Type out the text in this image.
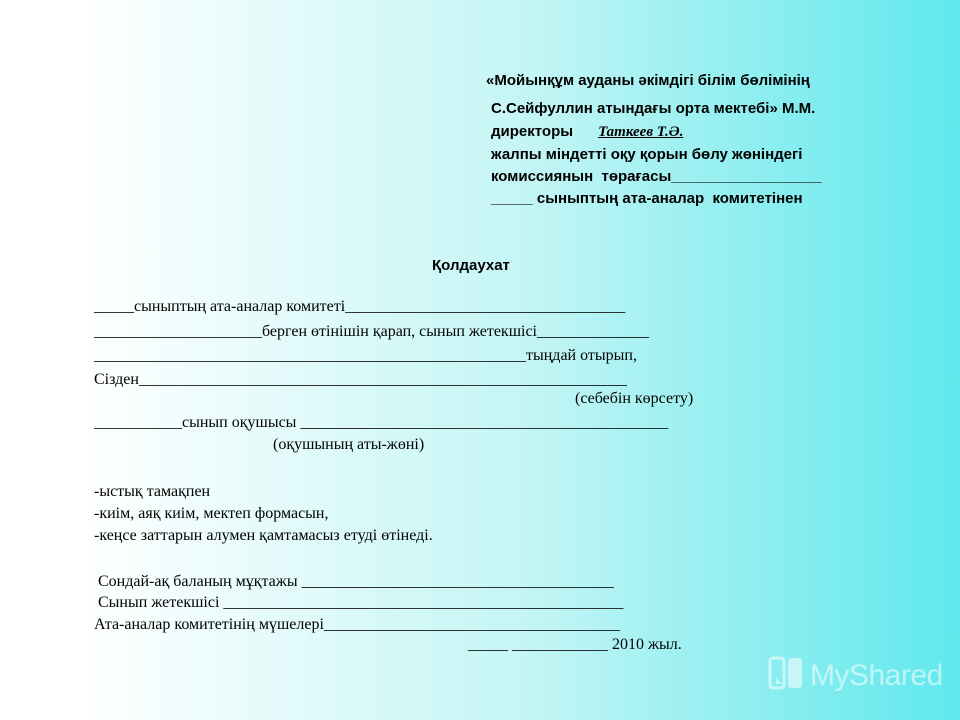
«Мойынқұм ауданы әкімдігі білім бөлімінің
С.Сейфуллин атындағы орта мектебі» М.М.
директоры Таткеев Т.Ә.
жалпы міндетті оқу қорын бөлу жөніндегі
комиссиянын  төрағасы__________________
_____ сыныптың ата-аналар  комитетінен
Қолдаухат
_____сыныптың ата-аналар комитеті___________________________________
_____________________берген өтінішін қарап, сынып жетекшісі______________
______________________________________________________тыңдай отырып,
Сізден_____________________________________________________________
(себебін көрсету)
___________сынып оқушысы ______________________________________________
(оқушының аты-жөні)
-ыстық тамақпен
-киім, аяқ киім, мектеп формасын,
-кеңсе заттарын алумен қамтамасыз етуді өтінеді.
Сондай-ақ баланың мұқтажы _______________________________________
Сынып жетекшісі __________________________________________________
Ата-аналар комитетінің мүшелері_____________________________________
_____ ____________ 2010 жыл.
MyShared
